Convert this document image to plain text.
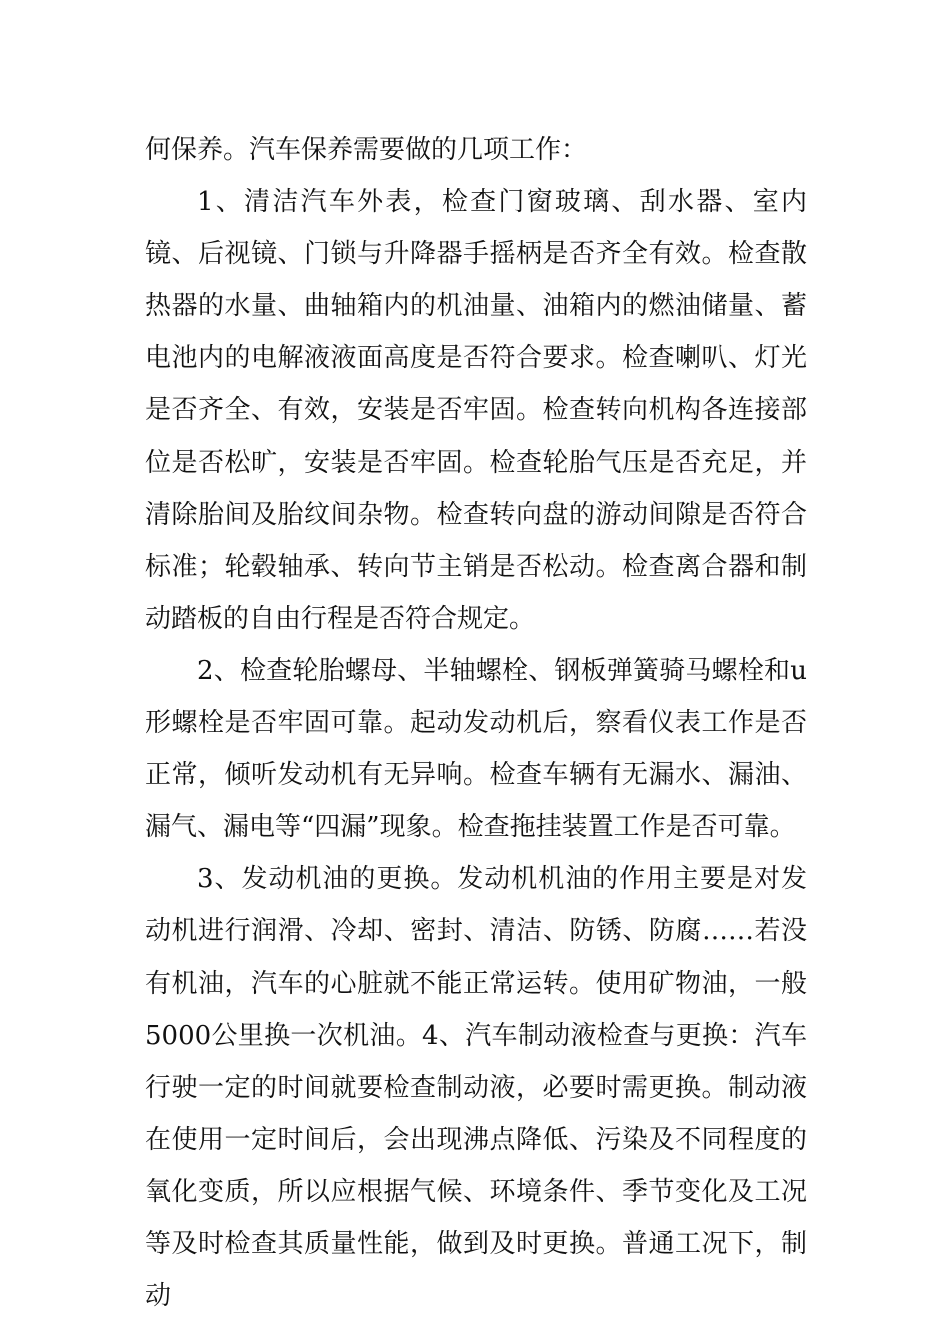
何保养。汽车保养需要做的几项工作：

1、清洁汽车外表，检查门窗玻璃、刮水器、室内镜、后视镜、门锁与升降器手摇柄是否齐全有效。检查散热器的水量、曲轴箱内的机油量、油箱内的燃油储量、蓄电池内的电解液液面高度是否符合要求。检查喇叭、灯光是否齐全、有效，安装是否牢固。检查转向机构各连接部位是否松旷，安装是否牢固。检查轮胎气压是否充足，并清除胎间及胎纹间杂物。检查转向盘的游动间隙是否符合标准；轮毂轴承、转向节主销是否松动。检查离合器和制动踏板的自由行程是否符合规定。

2、检查轮胎螺母、半轴螺栓、钢板弹簧骑马螺栓和u形螺栓是否牢固可靠。起动发动机后，察看仪表工作是否正常，倾听发动机有无异响。检查车辆有无漏水、漏油、漏气、漏电等“四漏”现象。检查拖挂装置工作是否可靠。

3、发动机油的更换。发动机机油的作用主要是对发动机进行润滑、冷却、密封、清洁、防锈、防腐……若没有机油，汽车的心脏就不能正常运转。使用矿物油，一般5000公里换一次机油。4、汽车制动液检查与更换：汽车行驶一定的时间就要检查制动液，必要时需更换。制动液在使用一定时间后，会出现沸点降低、污染及不同程度的氧化变质，所以应根据气候、环境条件、季节变化及工况等及时检查其质量性能，做到及时更换。普通工况下，制动
